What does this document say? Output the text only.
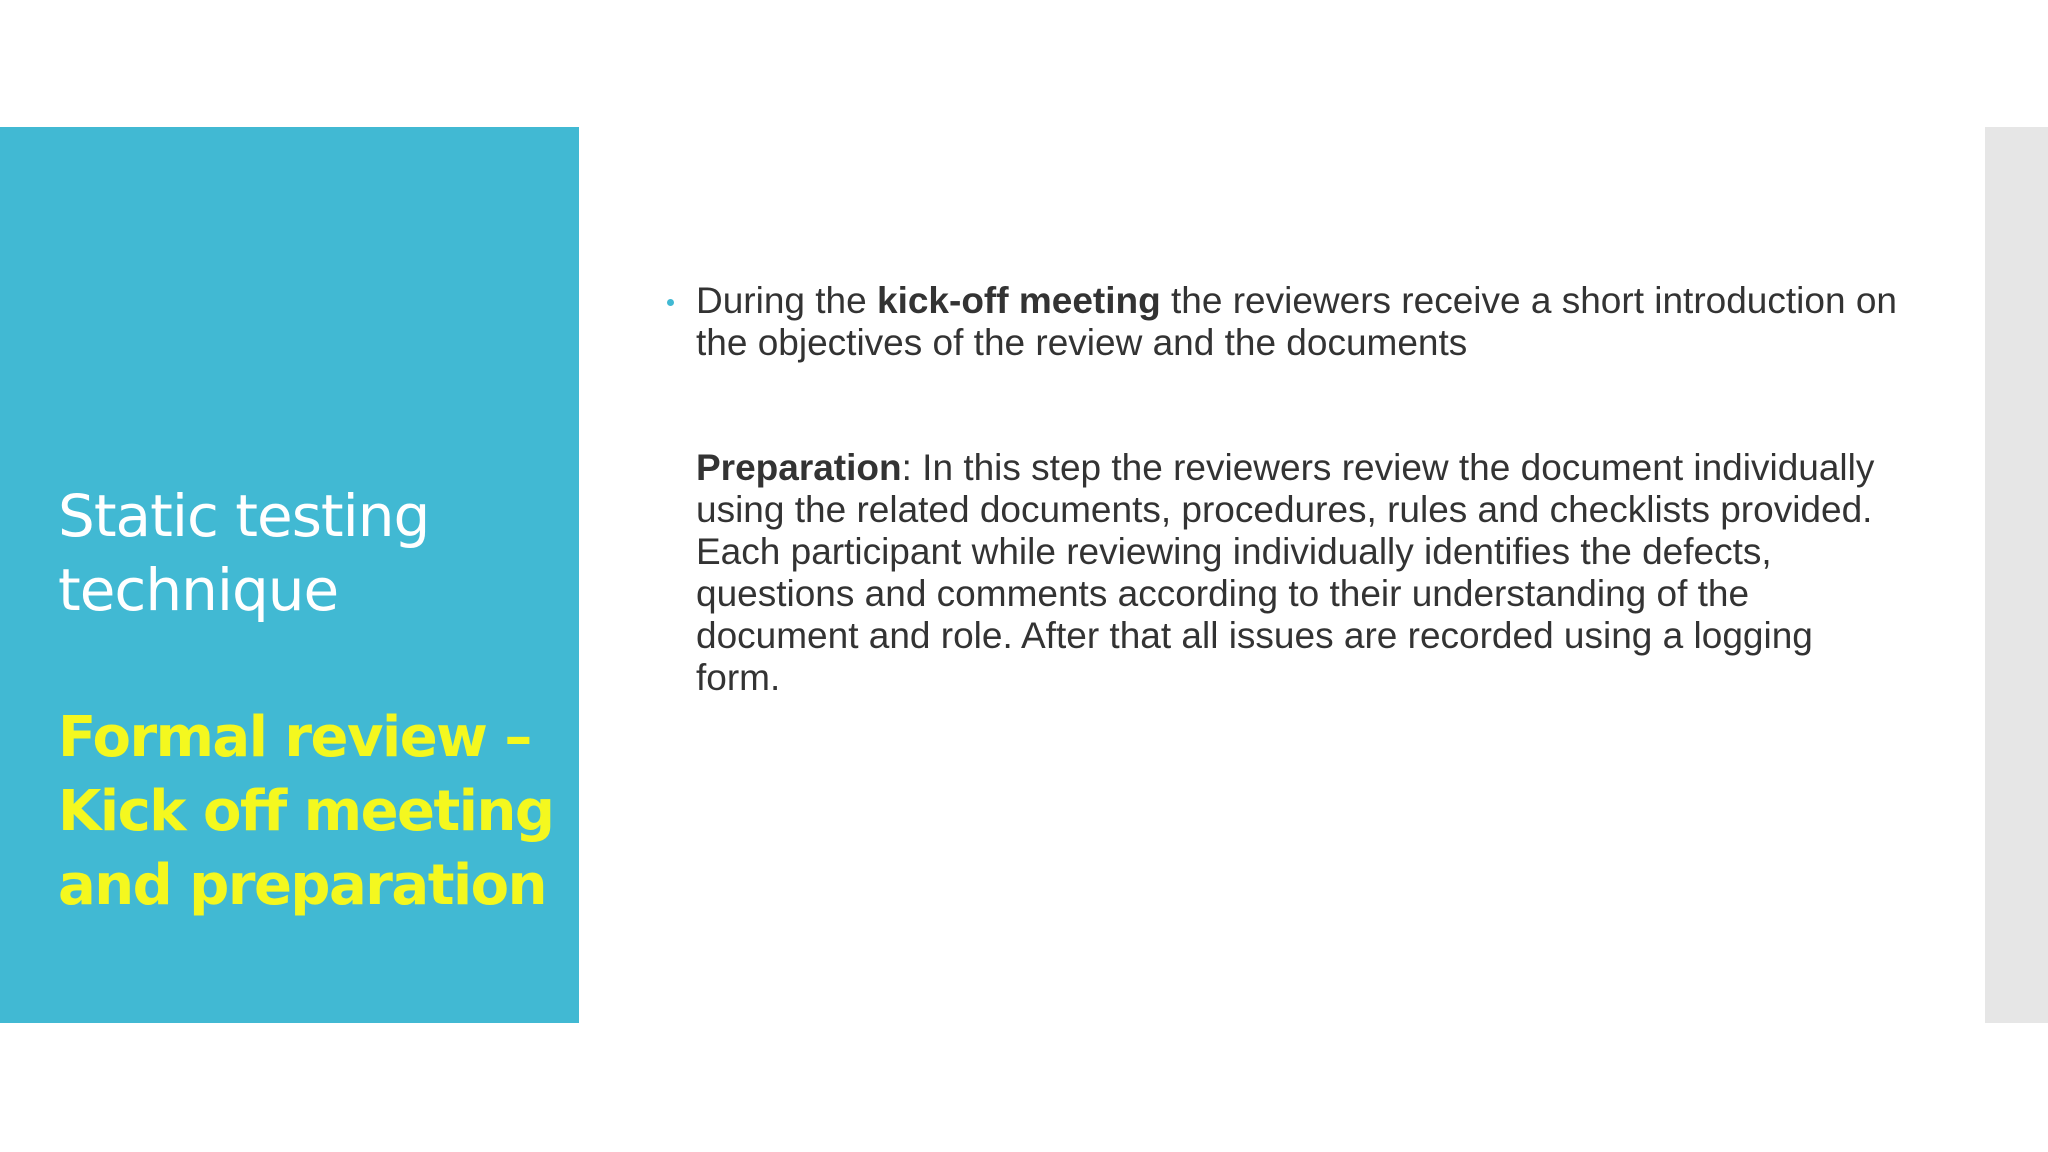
Static testing technique
Formal review – Kick off meeting and preparation
During the kick-off meeting the reviewers receive a short introduction on the objectives of the review and the documents
Preparation: In this step the reviewers review the document individually using the related documents, procedures, rules and checklists provided. Each participant while reviewing individually identifies the defects, questions and comments according to their understanding of the document and role. After that all issues are recorded using a logging form.
